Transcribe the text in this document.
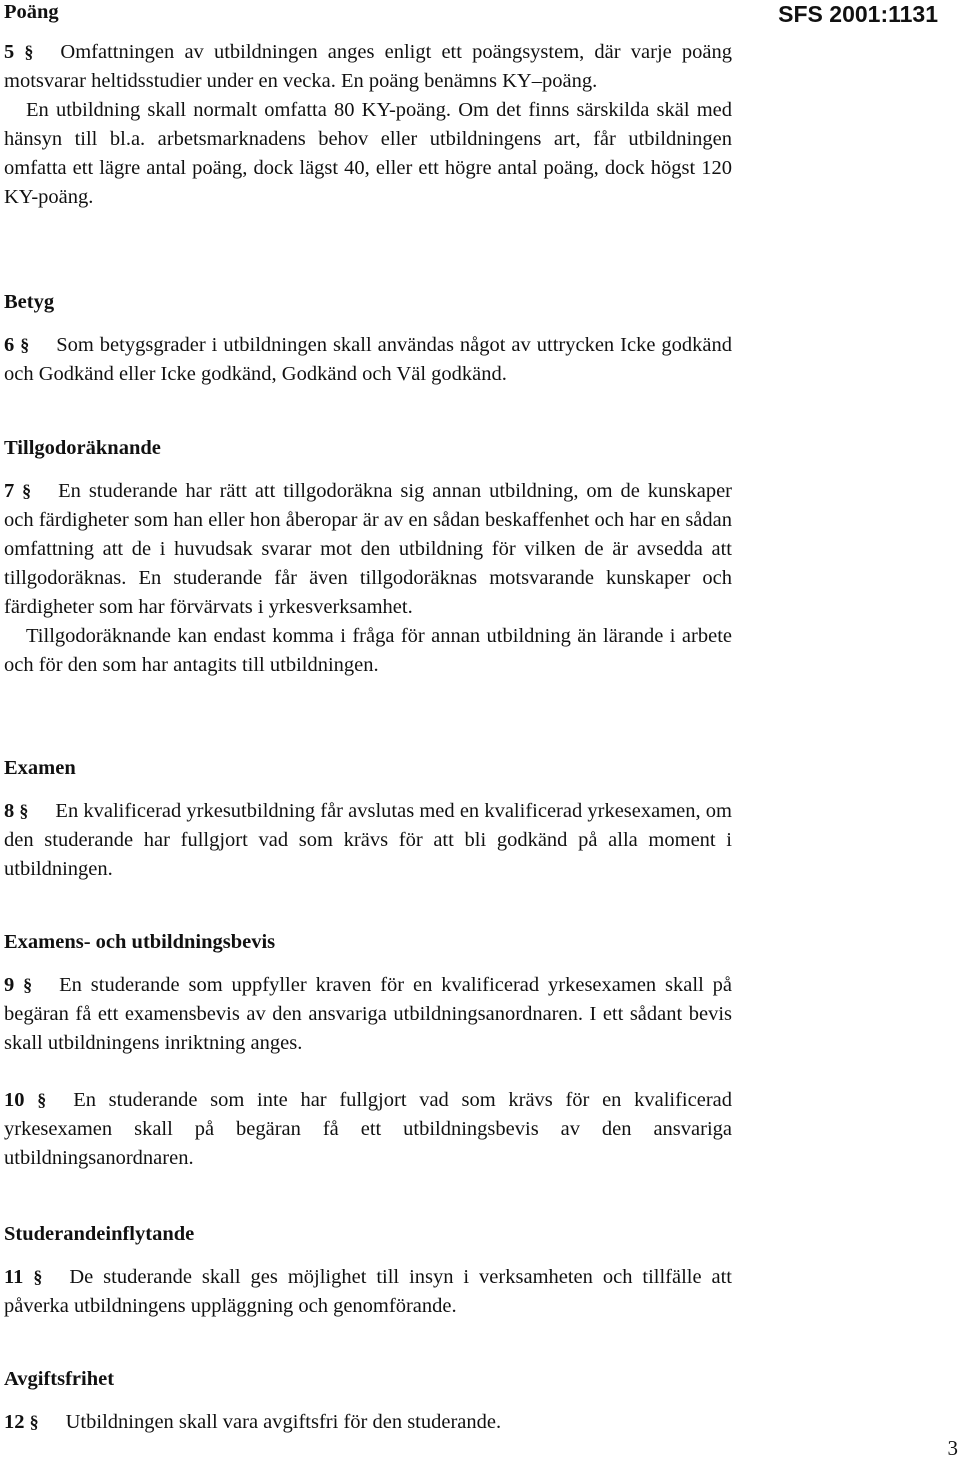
SFS 2001:1131
Poäng

5 § Omfattningen av utbildningen anges enligt ett poängsystem, där varje poäng motsvarar heltidsstudier under en vecka. En poäng benämns KY–poäng.

En utbildning skall normalt omfatta 80 KY-poäng. Om det finns särskilda skäl med hänsyn till bl.a. arbetsmarknadens behov eller utbildningens art, får utbildningen omfatta ett lägre antal poäng, dock lägst 40, eller ett högre antal poäng, dock högst 120 KY-poäng.

Betyg

6 § Som betygsgrader i utbildningen skall användas något av uttrycken Icke godkänd och Godkänd eller Icke godkänd, Godkänd och Väl godkänd.

Tillgodoräknande

7 § En studerande har rätt att tillgodoräkna sig annan utbildning, om de kunskaper och färdigheter som han eller hon åberopar är av en sådan beskaffenhet och har en sådan omfattning att de i huvudsak svarar mot den utbildning för vilken de är avsedda att tillgodoräknas. En studerande får även tillgodoräknas motsvarande kunskaper och färdigheter som har förvärvats i yrkesverksamhet.

Tillgodoräknande kan endast komma i fråga för annan utbildning än lärande i arbete och för den som har antagits till utbildningen.

Examen

8 § En kvalificerad yrkesutbildning får avslutas med en kvalificerad yrkesexamen, om den studerande har fullgjort vad som krävs för att bli godkänd på alla moment i utbildningen.

Examens- och utbildningsbevis

9 § En studerande som uppfyller kraven för en kvalificerad yrkesexamen skall på begäran få ett examensbevis av den ansvariga utbildningsanordnaren. I ett sådant bevis skall utbildningens inriktning anges.

10 § En studerande som inte har fullgjort vad som krävs för en kvalificerad yrkesexamen skall på begäran få ett utbildningsbevis av den ansvariga utbildningsanordnaren.

Studerandeinflytande

11 § De studerande skall ges möjlighet till insyn i verksamheten och tillfälle att påverka utbildningens uppläggning och genomförande.

Avgiftsfrihet

12 § Utbildningen skall vara avgiftsfri för den studerande.

3
